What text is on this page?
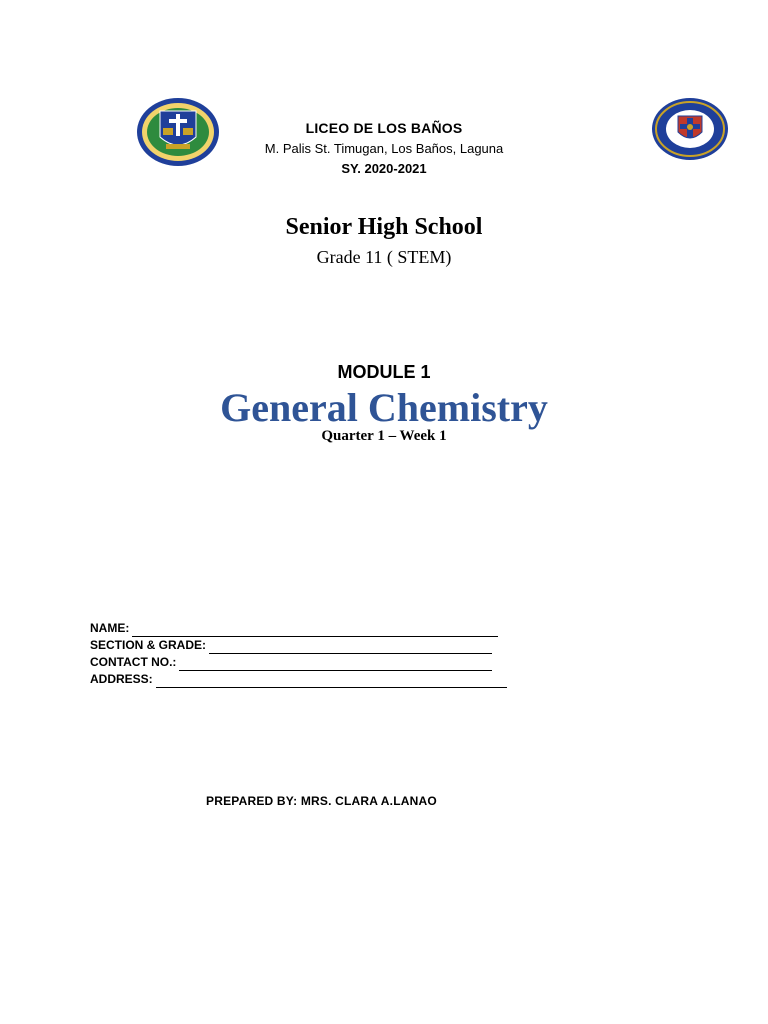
LICEO DE LOS BAÑOS
M. Palis St. Timugan, Los Baños, Laguna
SY. 2020-2021
Senior High School
Grade 11 ( STEM)
MODULE 1
General Chemistry
Quarter 1 – Week 1
NAME:
SECTION & GRADE:
CONTACT NO.:
ADDRESS:
PREPARED BY: MRS. CLARA A.LANAO
